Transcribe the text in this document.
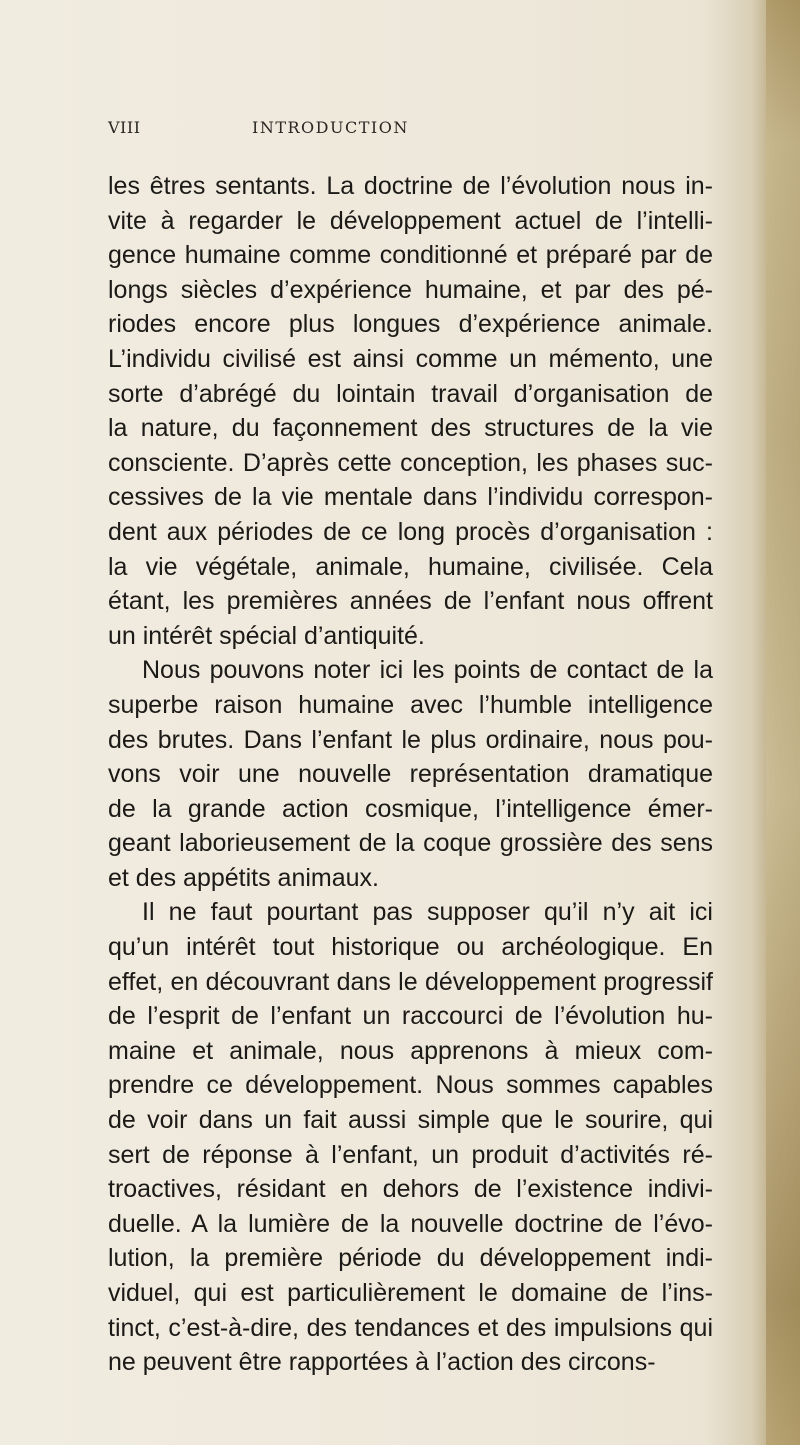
VIII	INTRODUCTION
les êtres sentants. La doctrine de l’évolution nous in-
vite à regarder le développement actuel de l’intelli-
gence humaine comme conditionné et préparé par de
longs siècles d’expérience humaine, et par des pé-
riodes encore plus longues d’expérience animale.
L’individu civilisé est ainsi comme un mémento, une
sorte d’abrégé du lointain travail d’organisation de
la nature, du façonnement des structures de la vie
consciente. D’après cette conception, les phases suc-
cessives de la vie mentale dans l’individu correspon-
dent aux périodes de ce long procès d’organisation :
la vie végétale, animale, humaine, civilisée. Cela
étant, les premières années de l’enfant nous offrent
un intérêt spécial d’antiquité.
Nous pouvons noter ici les points de contact de la
superbe raison humaine avec l’humble intelligence
des brutes. Dans l’enfant le plus ordinaire, nous pou-
vons voir une nouvelle représentation dramatique
de la grande action cosmique, l’intelligence émer-
geant laborieusement de la coque grossière des sens
et des appétits animaux.
Il ne faut pourtant pas supposer qu’il n’y ait ici
qu’un intérêt tout historique ou archéologique. En
effet, en découvrant dans le développement progressif
de l’esprit de l’enfant un raccourci de l’évolution hu-
maine et animale, nous apprenons à mieux com-
prendre ce développement. Nous sommes capables
de voir dans un fait aussi simple que le sourire, qui
sert de réponse à l’enfant, un produit d’activités ré-
troactives, résidant en dehors de l’existence indivi-
duelle. A la lumière de la nouvelle doctrine de l’évo-
lution, la première période du développement indi-
viduel, qui est particulièrement le domaine de l’ins-
tinct, c’est-à-dire, des tendances et des impulsions qui
ne peuvent être rapportées à l’action des circons-
